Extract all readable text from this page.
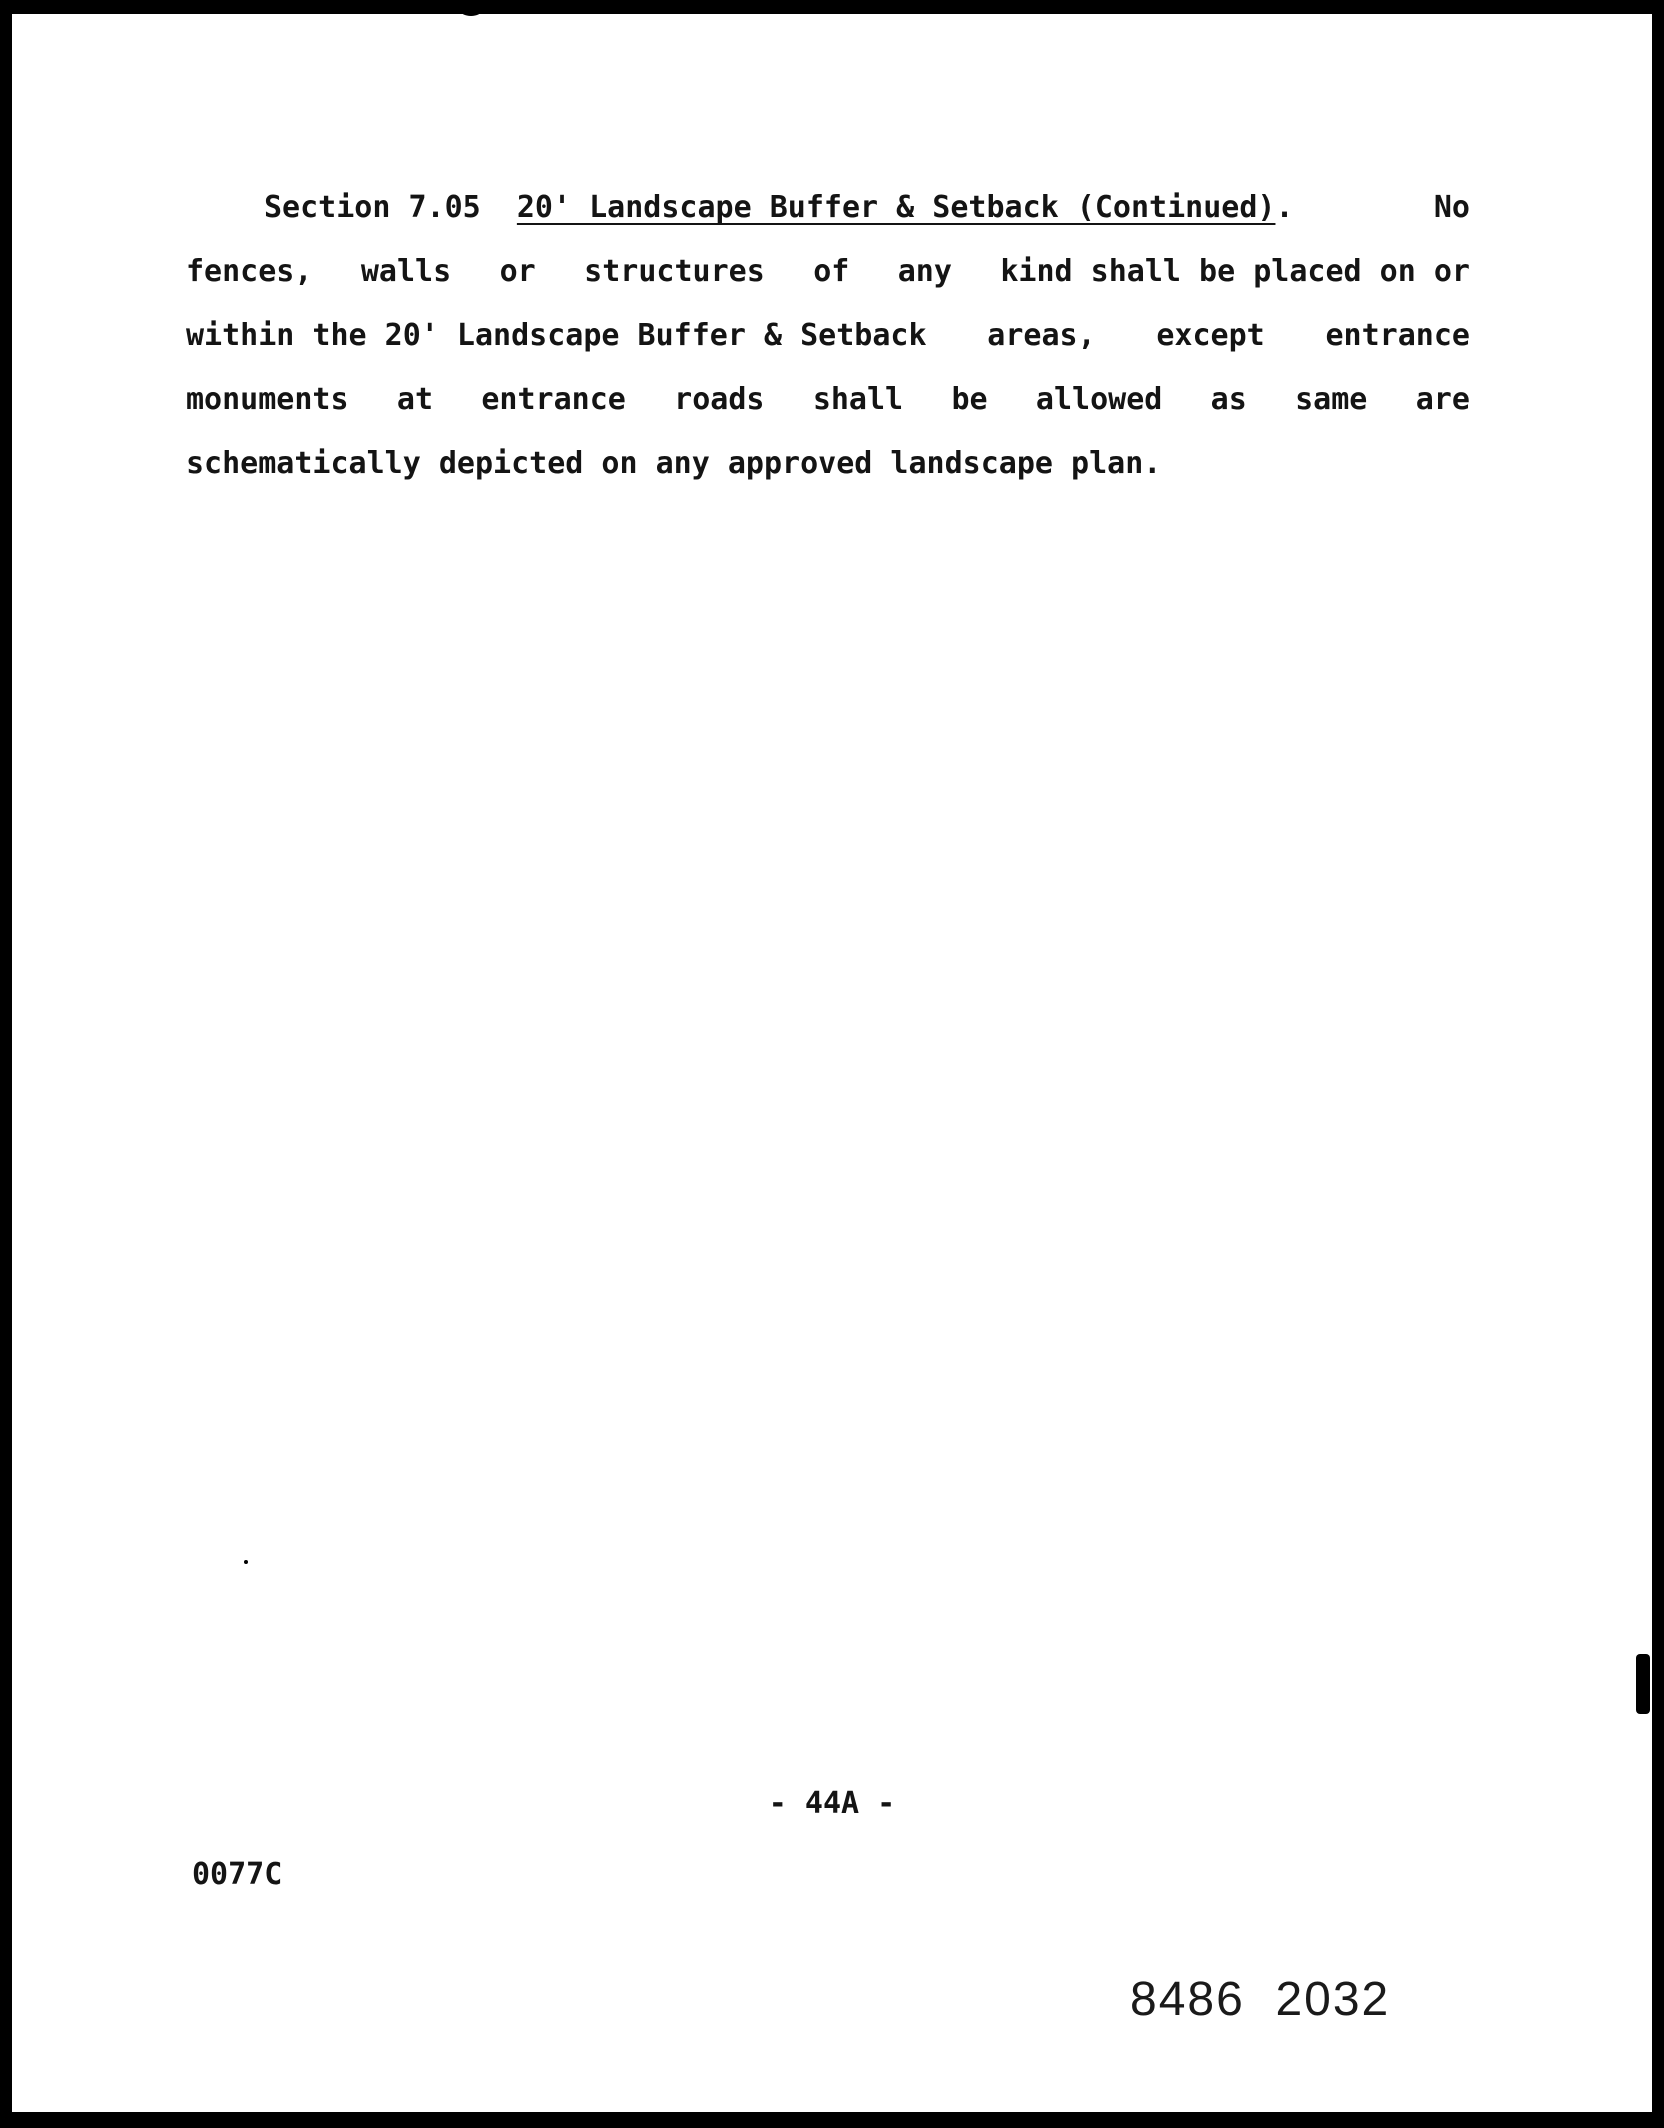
Section 7.05 20' Landscape Buffer & Setback (Continued).	No
fences, walls or structures of any kind shall be placed on or
within the 20' Landscape Buffer & Setback areas, except entrance
monuments at entrance roads shall be allowed as same are
schematically depicted on any approved landscape plan.
- 44A -
0077C
8486  2032
